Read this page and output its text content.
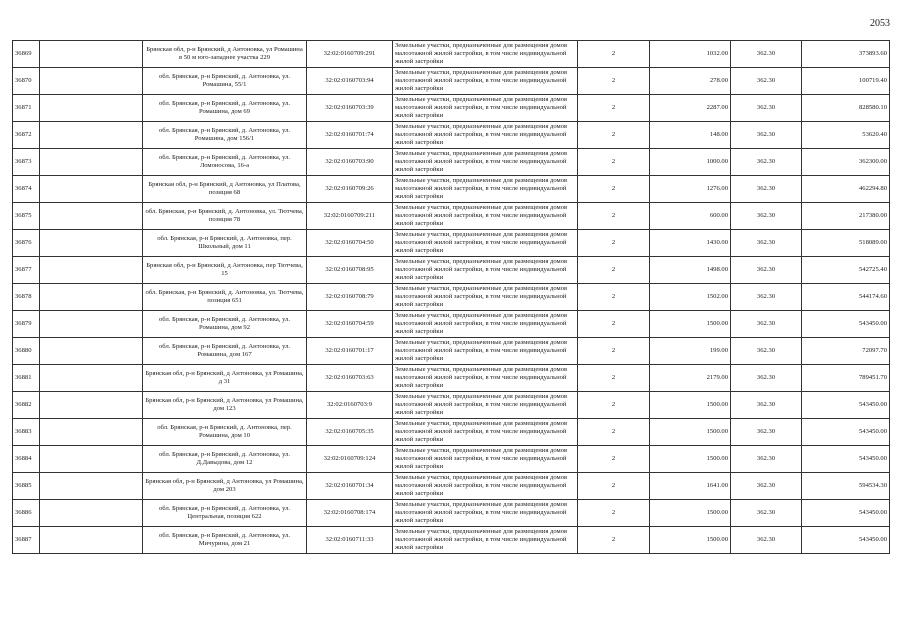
2053
36869		Брянская обл, р-н Брянский, д Антоновка, ул Ромашина в 50 м юго-западнее участка 229	32:02:0160709:291	Земельные участки, предназначенные для размещения домов малоэтажной жилой застройки, в том числе индивидуальной жилой застройки	2	1032.00	362.30	373893.60
36870		обл. Брянская, р-н Брянский, д. Антоновка, ул. Ромашина, 55/1	32:02:0160703:94	Земельные участки, предназначенные для размещения домов малоэтажной жилой застройки, в том числе индивидуальной жилой застройки	2	278.00	362.30	100719.40
36871		обл. Брянская, р-н Брянский, д. Антоновка, ул. Ромашина, дом 69	32:02:0160703:39	Земельные участки, предназначенные для размещения домов малоэтажной жилой застройки, в том числе индивидуальной жилой застройки	2	2287.00	362.30	828580.10
36872		обл. Брянская, р-н Брянский, д. Антоновка, ул. Ромашина, дом 156/1	32:02:0160701:74	Земельные участки, предназначенные для размещения домов малоэтажной жилой застройки, в том числе индивидуальной жилой застройки	2	148.00	362.30	53620.40
36873		обл. Брянская, р-н Брянский, д. Антоновка, ул. Ломоносова, 16-а	32:02:0160703:90	Земельные участки, предназначенные для размещения домов малоэтажной жилой застройки, в том числе индивидуальной жилой застройки	2	1000.00	362.30	362300.00
36874		Брянская обл, р-н Брянский, д Антоновка, ул Платова, позиция 68	32:02:0160709:26	Земельные участки, предназначенные для размещения домов малоэтажной жилой застройки, в том числе индивидуальной жилой застройки	2	1276.00	362.30	462294.80
36875		обл. Брянская, р-н Брянский, д. Антоновка, ул. Тютчева, позиция 78	32:02:0160709:211	Земельные участки, предназначенные для размещения домов малоэтажной жилой застройки, в том числе индивидуальной жилой застройки	2	600.00	362.30	217380.00
36876		обл. Брянская, р-н Брянский, д. Антоновка, пер. Школьный, дом 11	32:02:0160704:50	Земельные участки, предназначенные для размещения домов малоэтажной жилой застройки, в том числе индивидуальной жилой застройки	2	1430.00	362.30	518089.00
36877		Брянская обл, р-н Брянский, д Антоновка, пер Тютчева, 15	32:02:0160708:95	Земельные участки, предназначенные для размещения домов малоэтажной жилой застройки, в том числе индивидуальной жилой застройки	2	1498.00	362.30	542725.40
36878		обл. Брянская, р-н Брянский, д. Антоновка, ул. Тютчева, позиция 651	32:02:0160708:79	Земельные участки, предназначенные для размещения домов малоэтажной жилой застройки, в том числе индивидуальной жилой застройки	2	1502.00	362.30	544174.60
36879		обл. Брянская, р-н Брянский, д. Антоновка, ул. Ромашина, дом 92	32:02:0160704:59	Земельные участки, предназначенные для размещения домов малоэтажной жилой застройки, в том числе индивидуальной жилой застройки	2	1500.00	362.30	543450.00
36880		обл. Брянская, р-н Брянский, д. Антоновка, ул. Ромашина, дом 167	32:02:0160701:17	Земельные участки, предназначенные для размещения домов малоэтажной жилой застройки, в том числе индивидуальной жилой застройки	2	199.00	362.30	72097.70
36881		Брянская обл, р-н Брянский, д Антоновка, ул Ромашина, д 31	32:02:0160703:63	Земельные участки, предназначенные для размещения домов малоэтажной жилой застройки, в том числе индивидуальной жилой застройки	2	2179.00	362.30	789451.70
36882		Брянская обл, р-н Брянский, д Антоновка, ул Ромашина, дом 123	32:02:0160703:9	Земельные участки, предназначенные для размещения домов малоэтажной жилой застройки, в том числе индивидуальной жилой застройки	2	1500.00	362.30	543450.00
36883		обл. Брянская, р-н Брянский, д. Антоновка, пер. Ромашина, дом 10	32:02:0160705:35	Земельные участки, предназначенные для размещения домов малоэтажной жилой застройки, в том числе индивидуальной жилой застройки	2	1500.00	362.30	543450.00
36884		обл. Брянская, р-н Брянский, д. Антоновка, ул. Д.Давыдова, дом 12	32:02:0160709:124	Земельные участки, предназначенные для размещения домов малоэтажной жилой застройки, в том числе индивидуальной жилой застройки	2	1500.00	362.30	543450.00
36885		Брянская обл, р-н Брянский, д Антоновка, ул Ромашина, дом 203	32:02:0160701:34	Земельные участки, предназначенные для размещения домов малоэтажной жилой застройки, в том числе индивидуальной жилой застройки	2	1641.00	362.30	594534.30
36886		обл. Брянская, р-н Брянский, д. Антоновка, ул. Центральная, позиция 622	32:02:0160708:174	Земельные участки, предназначенные для размещения домов малоэтажной жилой застройки, в том числе индивидуальной жилой застройки	2	1500.00	362.30	543450.00
36887		обл. Брянская, р-н Брянский, д. Антоновка, ул. Мичурина, дом 21	32:02:0160711:33	Земельные участки, предназначенные для размещения домов малоэтажной жилой застройки, в том числе индивидуальной жилой застройки	2	1500.00	362.30	543450.00
